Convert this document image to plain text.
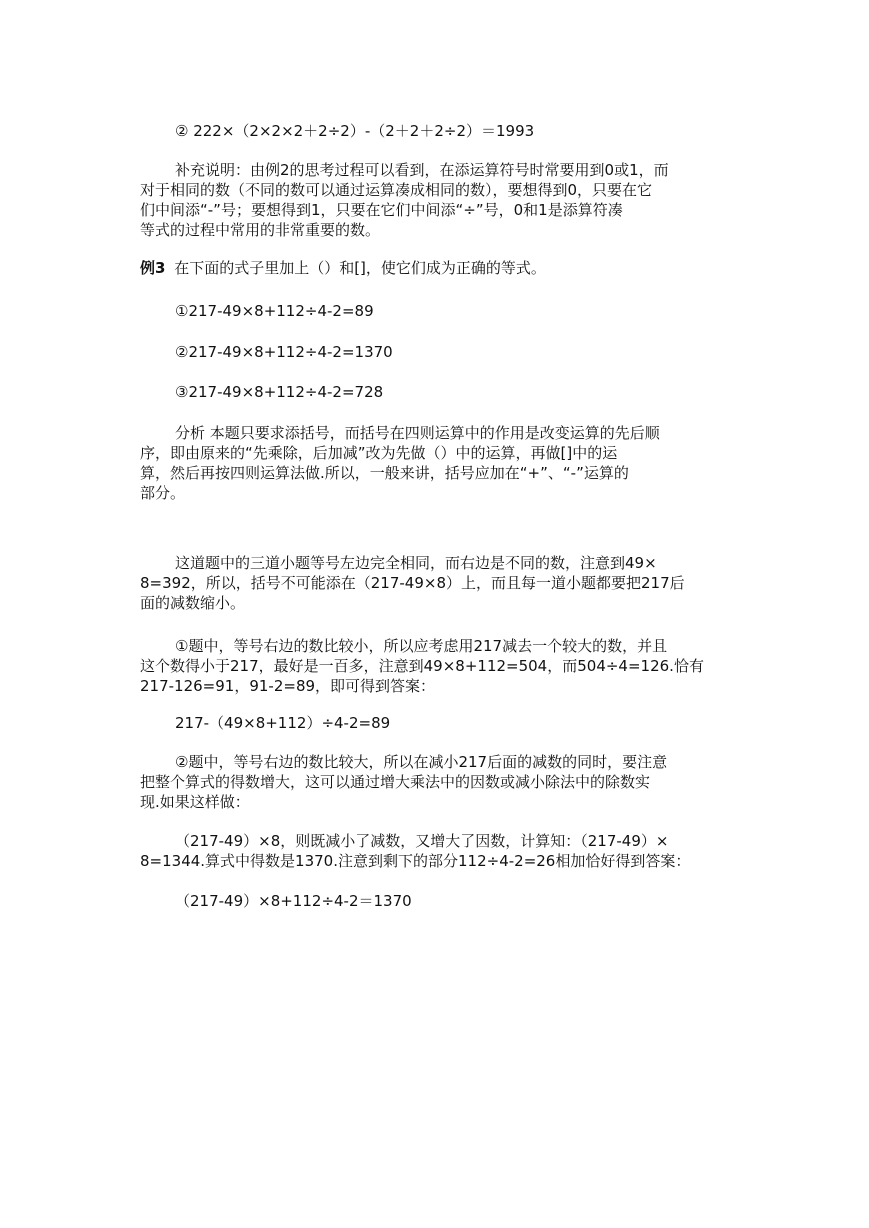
② 222×（2×2×2＋2÷2）-（2＋2＋2÷2）＝1993
补充说明：由例2的思考过程可以看到，在添运算符号时常要用到0或1，而
对于相同的数（不同的数可以通过运算凑成相同的数），要想得到0，只要在它
们中间添“-”号；要想得到1，只要在它们中间添“÷”号，0和1是添算符凑
等式的过程中常用的非常重要的数。
例3 在下面的式子里加上（）和[]，使它们成为正确的等式。
①217-49×8+112÷4-2=89
②217-49×8+112÷4-2=1370
③217-49×8+112÷4-2=728
分析 本题只要求添括号，而括号在四则运算中的作用是改变运算的先后顺
序，即由原来的“先乘除，后加减”改为先做（）中的运算，再做[]中的运
算，然后再按四则运算法做.所以，一般来讲，括号应加在“+”、“-”运算的
部分。
这道题中的三道小题等号左边完全相同，而右边是不同的数，注意到49×
8=392，所以，括号不可能添在（217-49×8）上，而且每一道小题都要把217后
面的减数缩小。
①题中，等号右边的数比较小，所以应考虑用217减去一个较大的数，并且
这个数得小于217，最好是一百多，注意到49×8+112=504，而504÷4=126.恰有
217-126=91，91-2=89，即可得到答案：
217-（49×8+112）÷4-2=89
②题中，等号右边的数比较大，所以在减小217后面的减数的同时，要注意
把整个算式的得数增大，这可以通过增大乘法中的因数或减小除法中的除数实
现.如果这样做：
（217-49）×8，则既减小了减数，又增大了因数，计算知：（217-49）×
8=1344.算式中得数是1370.注意到剩下的部分112÷4-2=26相加恰好得到答案：
（217-49）×8+112÷4-2＝1370
